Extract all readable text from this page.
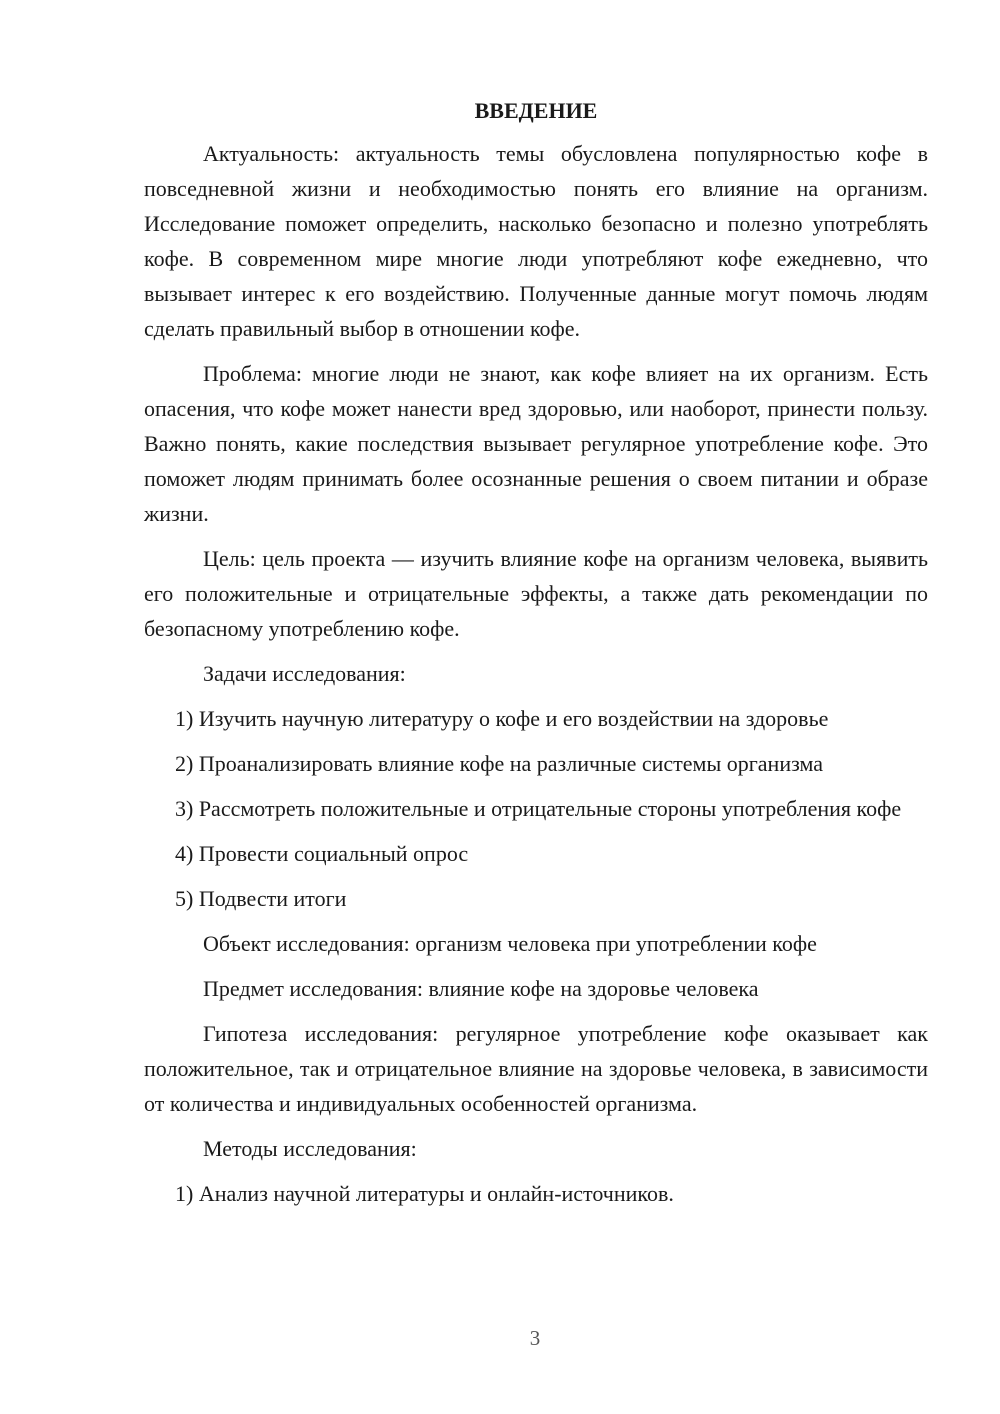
ВВЕДЕНИЕ

Актуальность: актуальность темы обусловлена популярностью кофе в повседневной жизни и необходимостью понять его влияние на организм. Исследование поможет определить, насколько безопасно и полезно употреблять кофе. В современном мире многие люди употребляют кофе ежедневно, что вызывает интерес к его воздействию. Полученные данные могут помочь людям сделать правильный выбор в отношении кофе.

Проблема: многие люди не знают, как кофе влияет на их организм. Есть опасения, что кофе может нанести вред здоровью, или наоборот, принести пользу. Важно понять, какие последствия вызывает регулярное употребление кофе. Это поможет людям принимать более осознанные решения о своем питании и образе жизни.

Цель: цель проекта — изучить влияние кофе на организм человека, выявить его положительные и отрицательные эффекты, а также дать рекомендации по безопасному употреблению кофе.

Задачи исследования:

1) Изучить научную литературу о кофе и его воздействии на здоровье

2) Проанализировать влияние кофе на различные системы организма

3) Рассмотреть положительные и отрицательные стороны употребления кофе

4) Провести социальный опрос

5) Подвести итоги

Объект исследования: организм человека при употреблении кофе

Предмет исследования: влияние кофе на здоровье человека

Гипотеза исследования: регулярное употребление кофе оказывает как положительное, так и отрицательное влияние на здоровье человека, в зависимости от количества и индивидуальных особенностей организма.

Методы исследования:

1) Анализ научной литературы и онлайн-источников.

3
